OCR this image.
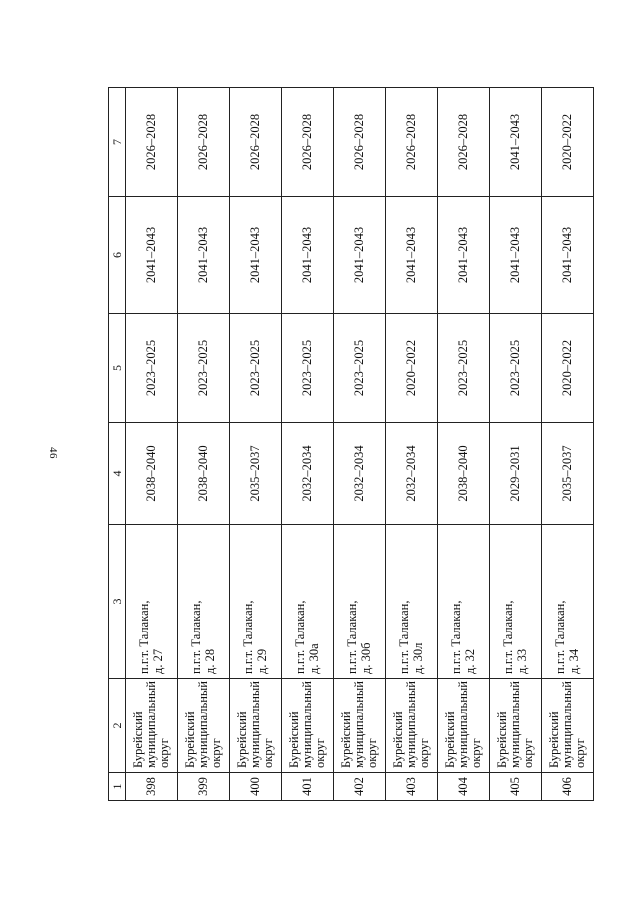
46
1	2	3	4	5	6	7
398	Бурейский муниципальный округ	п.г.т. Талакан, д. 27	2038–2040	2023–2025	2041–2043	2026–2028
399	Бурейский муниципальный округ	п.г.т. Талакан, д. 28	2038–2040	2023–2025	2041–2043	2026–2028
400	Бурейский муниципальный округ	п.г.т. Талакан, д. 29	2035–2037	2023–2025	2041–2043	2026–2028
401	Бурейский муниципальный округ	п.г.т. Талакан, д. 30а	2032–2034	2023–2025	2041–2043	2026–2028
402	Бурейский муниципальный округ	п.г.т. Талакан, д. 30б	2032–2034	2023–2025	2041–2043	2026–2028
403	Бурейский муниципальный округ	п.г.т. Талакан, д. 30л	2032–2034	2020–2022	2041–2043	2026–2028
404	Бурейский муниципальный округ	п.г.т. Талакан, д. 32	2038–2040	2023–2025	2041–2043	2026–2028
405	Бурейский муниципальный округ	п.г.т. Талакан, д. 33	2029–2031	2023–2025	2041–2043	2041–2043
406	Бурейский муниципальный округ	п.г.т. Талакан, д. 34	2035–2037	2020–2022	2041–2043	2020–2022
